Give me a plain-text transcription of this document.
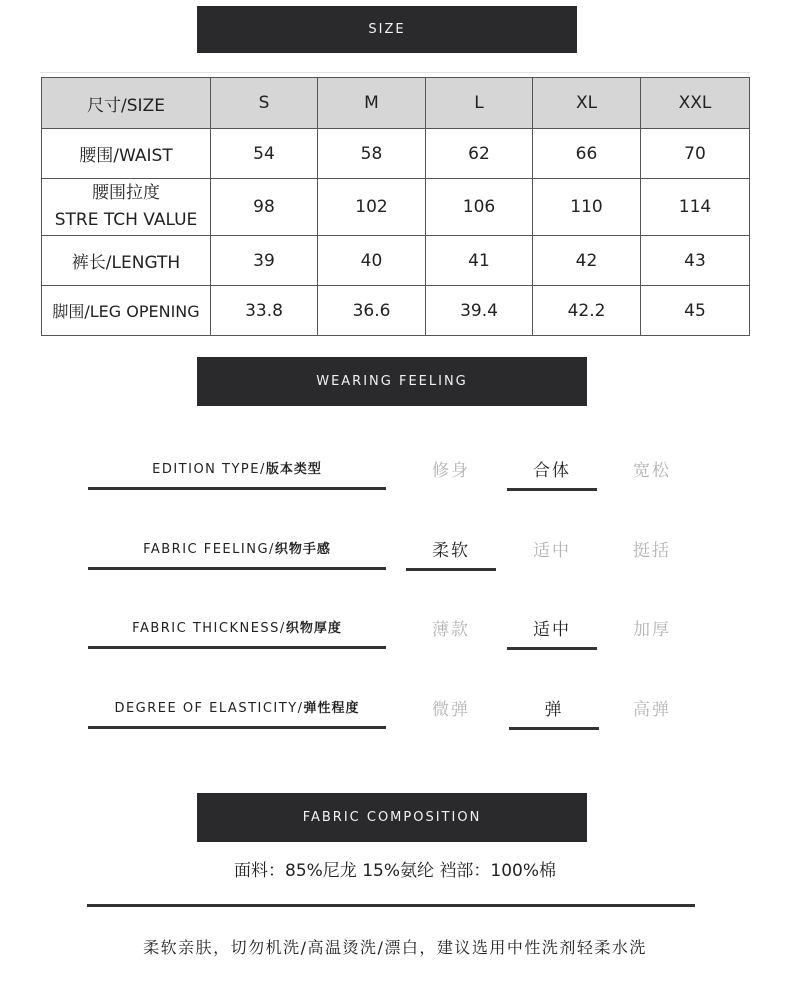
SIZE
尺寸/SIZE	S	M	L	XL	XXL
腰围/WAIST	54	58	62	66	70

腰围拉度
STRE TCH VALUE	98	102	106	110	114
裤长/LENGTH	39	40	41	42	43
脚围/LEG OPENING	33.8	36.6	39.4	42.2	45
WEARING FEELING
EDITION TYPE/版本类型	修身	合体	宽松
FABRIC FEELING/织物手感	柔软	适中	挺括
FABRIC THICKNESS/织物厚度	薄款	适中	加厚
DEGREE OF ELASTICITY/弹性程度	微弹	弹	高弹
FABRIC COMPOSITION
面料：85%尼龙 15%氨纶 裆部：100%棉
柔软亲肤，切勿机洗/高温烫洗/漂白，建议选用中性洗剂轻柔水洗
